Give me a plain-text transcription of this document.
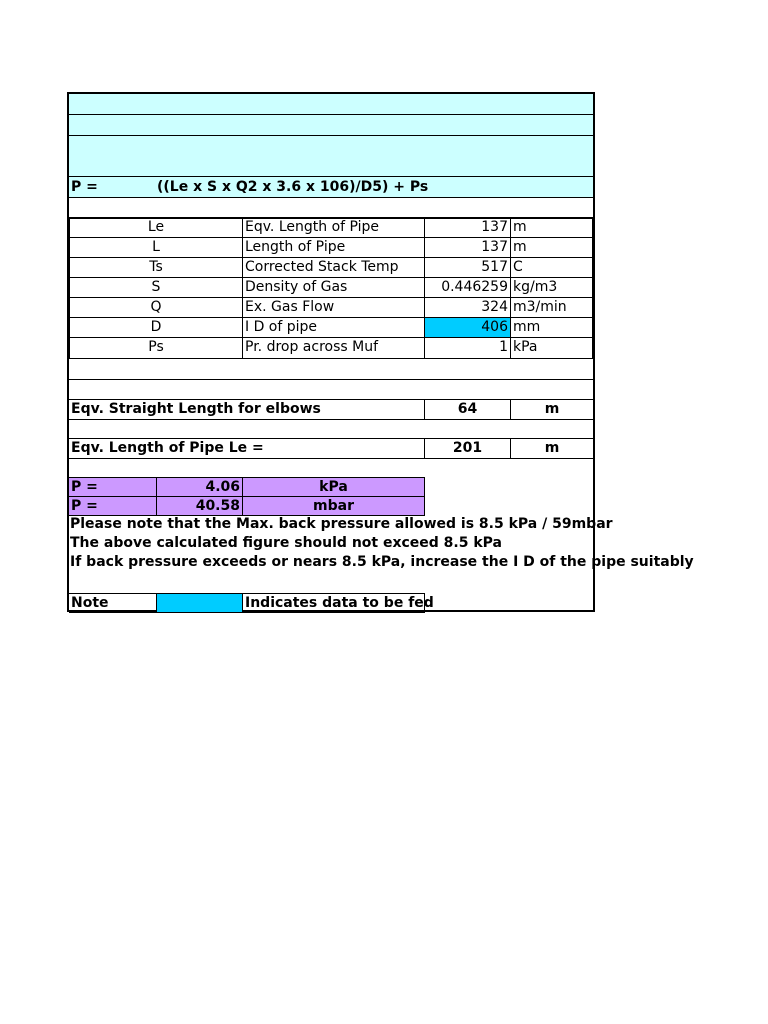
P =	((Le x S x Q2 x 3.6 x 106)/D5) + Ps
Le	Eqv. Length of Pipe	137 m
L	Length of Pipe	137 m
Ts	Corrected Stack Temp	517 C
S	Density of Gas	0.446259 kg/m3
Q	Ex. Gas Flow	324 m3/min
D	I D of pipe	406 mm
Ps	Pr. drop across Muf	1 kPa
Eqv. Straight Length for elbows	64	m
Eqv. Length of Pipe Le =	201	m
P =	4.06	kPa
P =	40.58	mbar
Please note that the Max. back pressure allowed is 8.5 kPa / 59mbar
The above calculated figure should not exceed 8.5 kPa
If back pressure exceeds or nears 8.5 kPa, increase the I D of the pipe suitably
Note	Indicates data to be fed
